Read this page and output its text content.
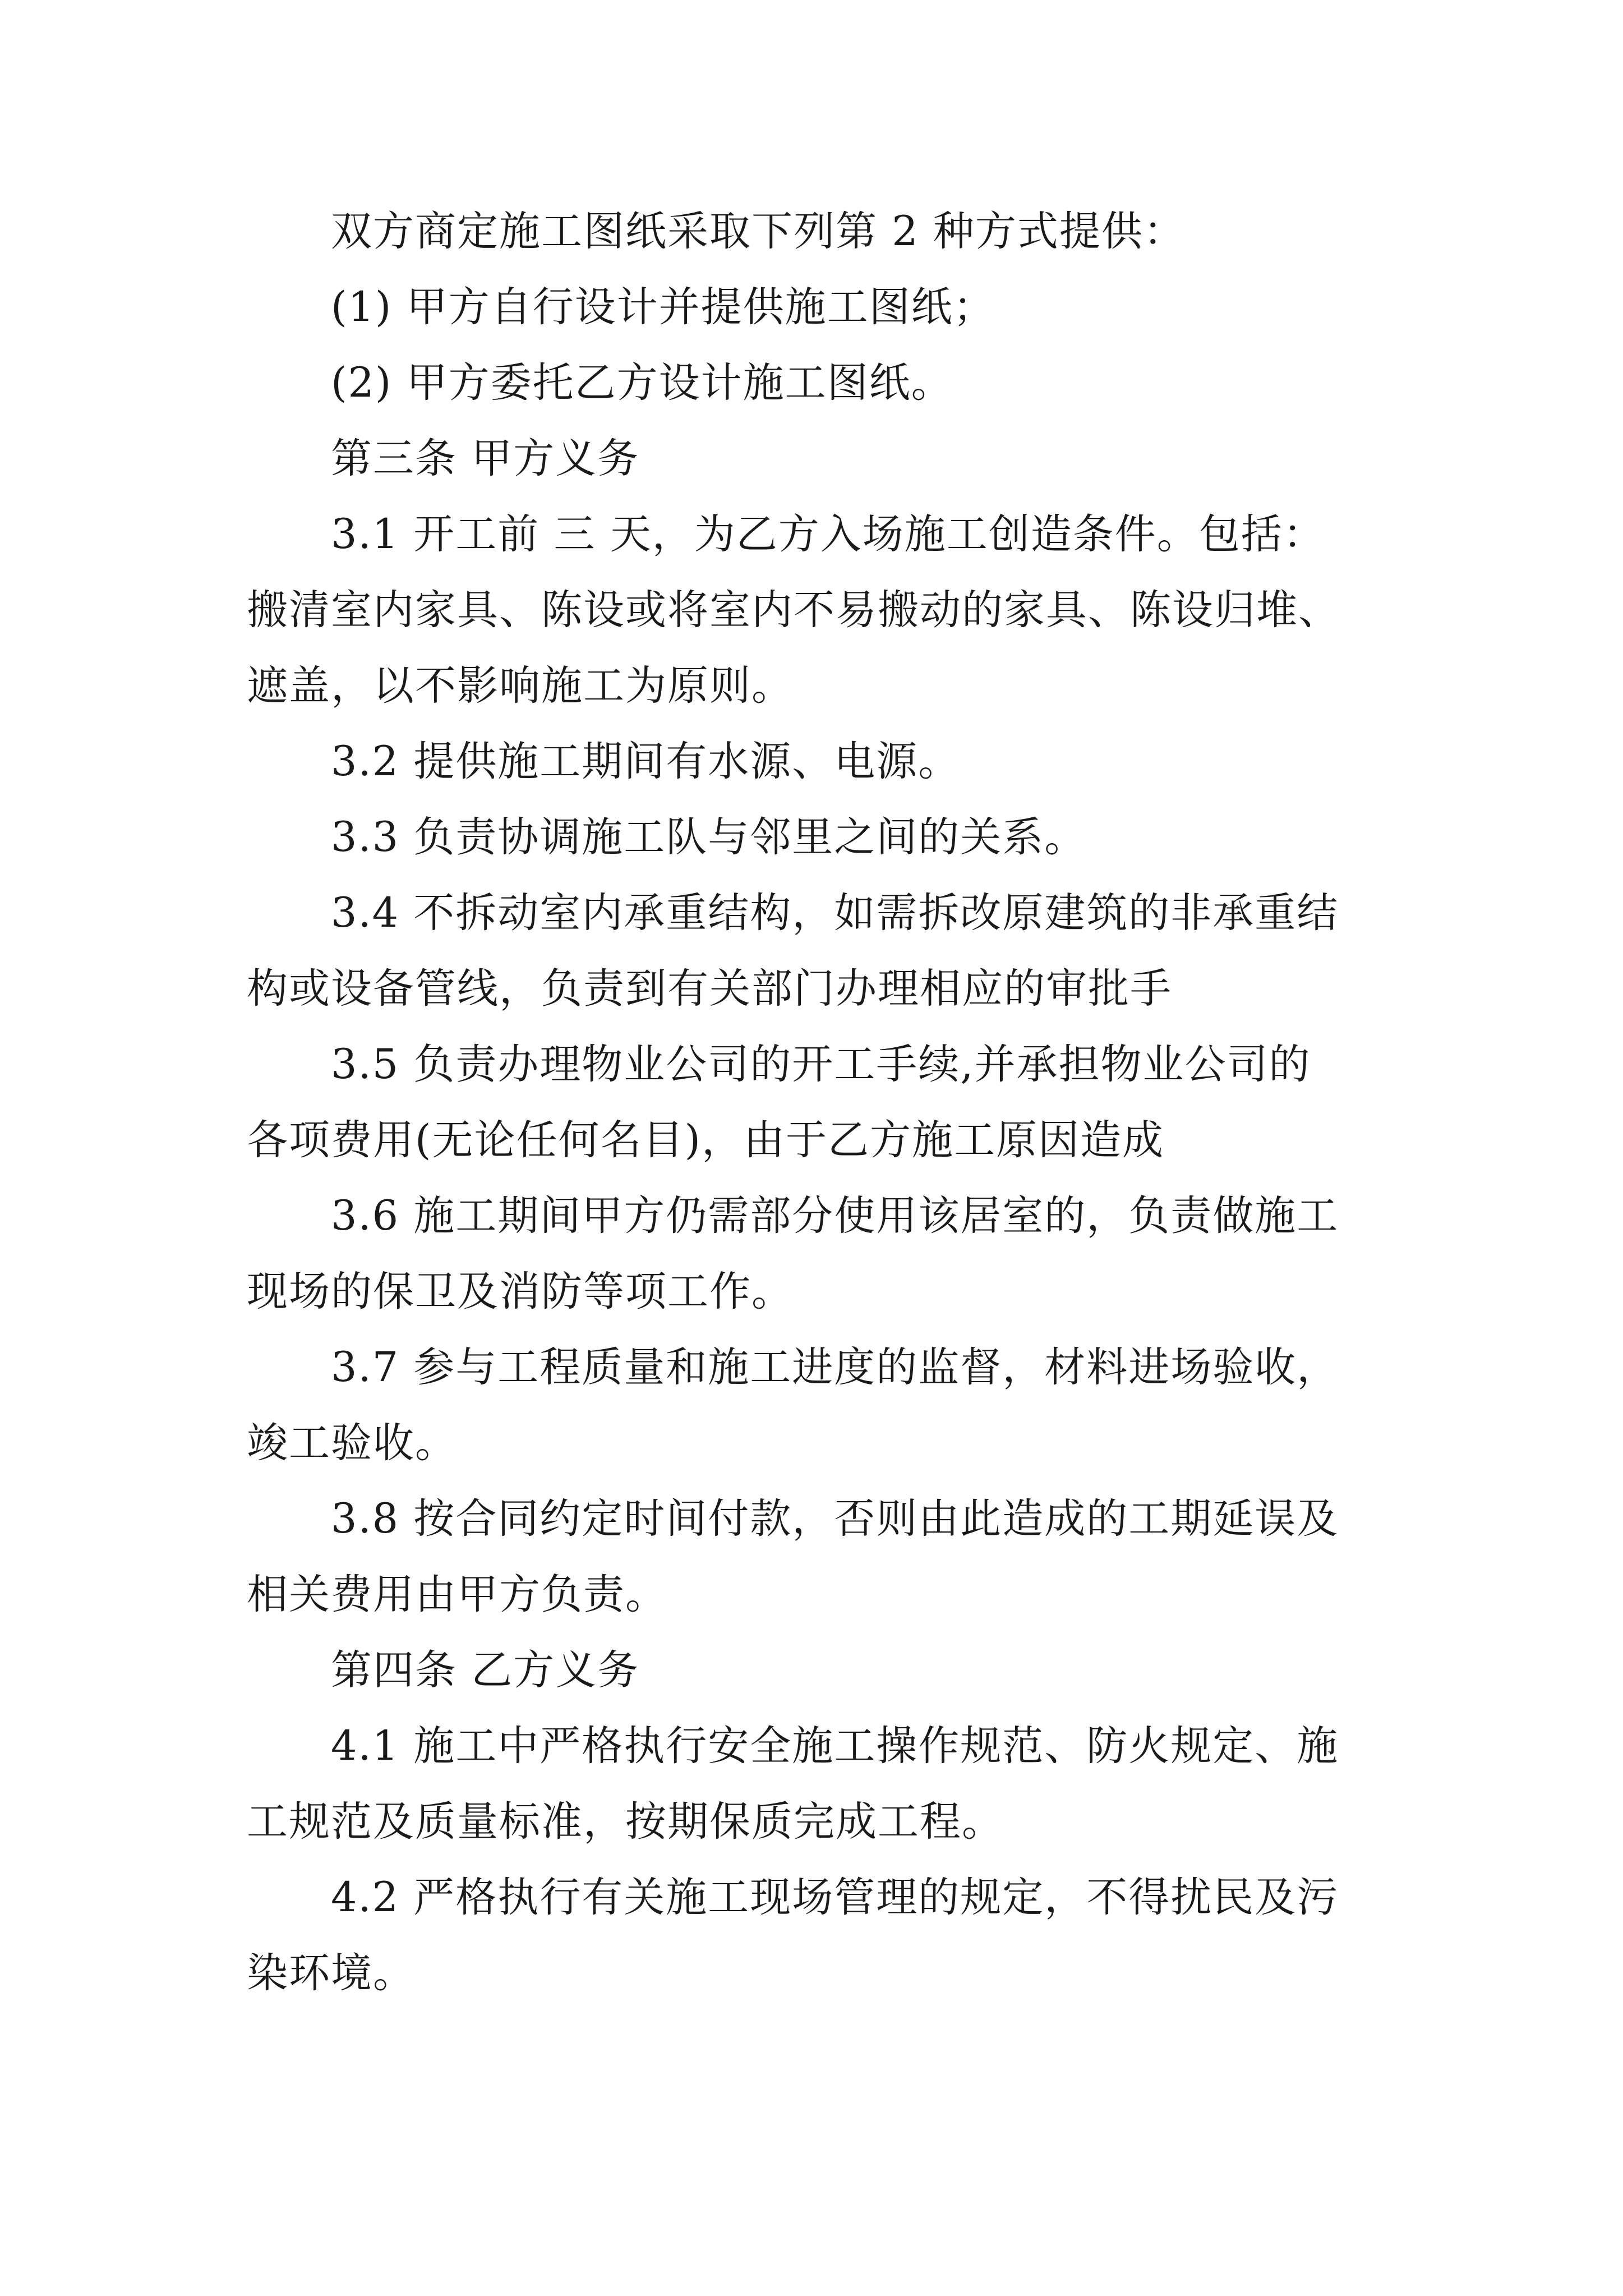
双方商定施工图纸采取下列第 2 种方式提供：
(1) 甲方自行设计并提供施工图纸；
(2) 甲方委托乙方设计施工图纸。
第三条 甲方义务
3.1 开工前 三 天，为乙方入场施工创造条件。包括：
搬清室内家具、陈设或将室内不易搬动的家具、陈设归堆、
遮盖，以不影响施工为原则。
3.2 提供施工期间有水源、电源。
3.3 负责协调施工队与邻里之间的关系。
3.4 不拆动室内承重结构，如需拆改原建筑的非承重结
构或设备管线，负责到有关部门办理相应的审批手
3.5 负责办理物业公司的开工手续,并承担物业公司的
各项费用(无论任何名目)，由于乙方施工原因造成
3.6 施工期间甲方仍需部分使用该居室的，负责做施工
现场的保卫及消防等项工作。
3.7 参与工程质量和施工进度的监督，材料进场验收，
竣工验收。
3.8 按合同约定时间付款，否则由此造成的工期延误及
相关费用由甲方负责。
第四条 乙方义务
4.1 施工中严格执行安全施工操作规范、防火规定、施
工规范及质量标准，按期保质完成工程。
4.2 严格执行有关施工现场管理的规定，不得扰民及污
染环境。
